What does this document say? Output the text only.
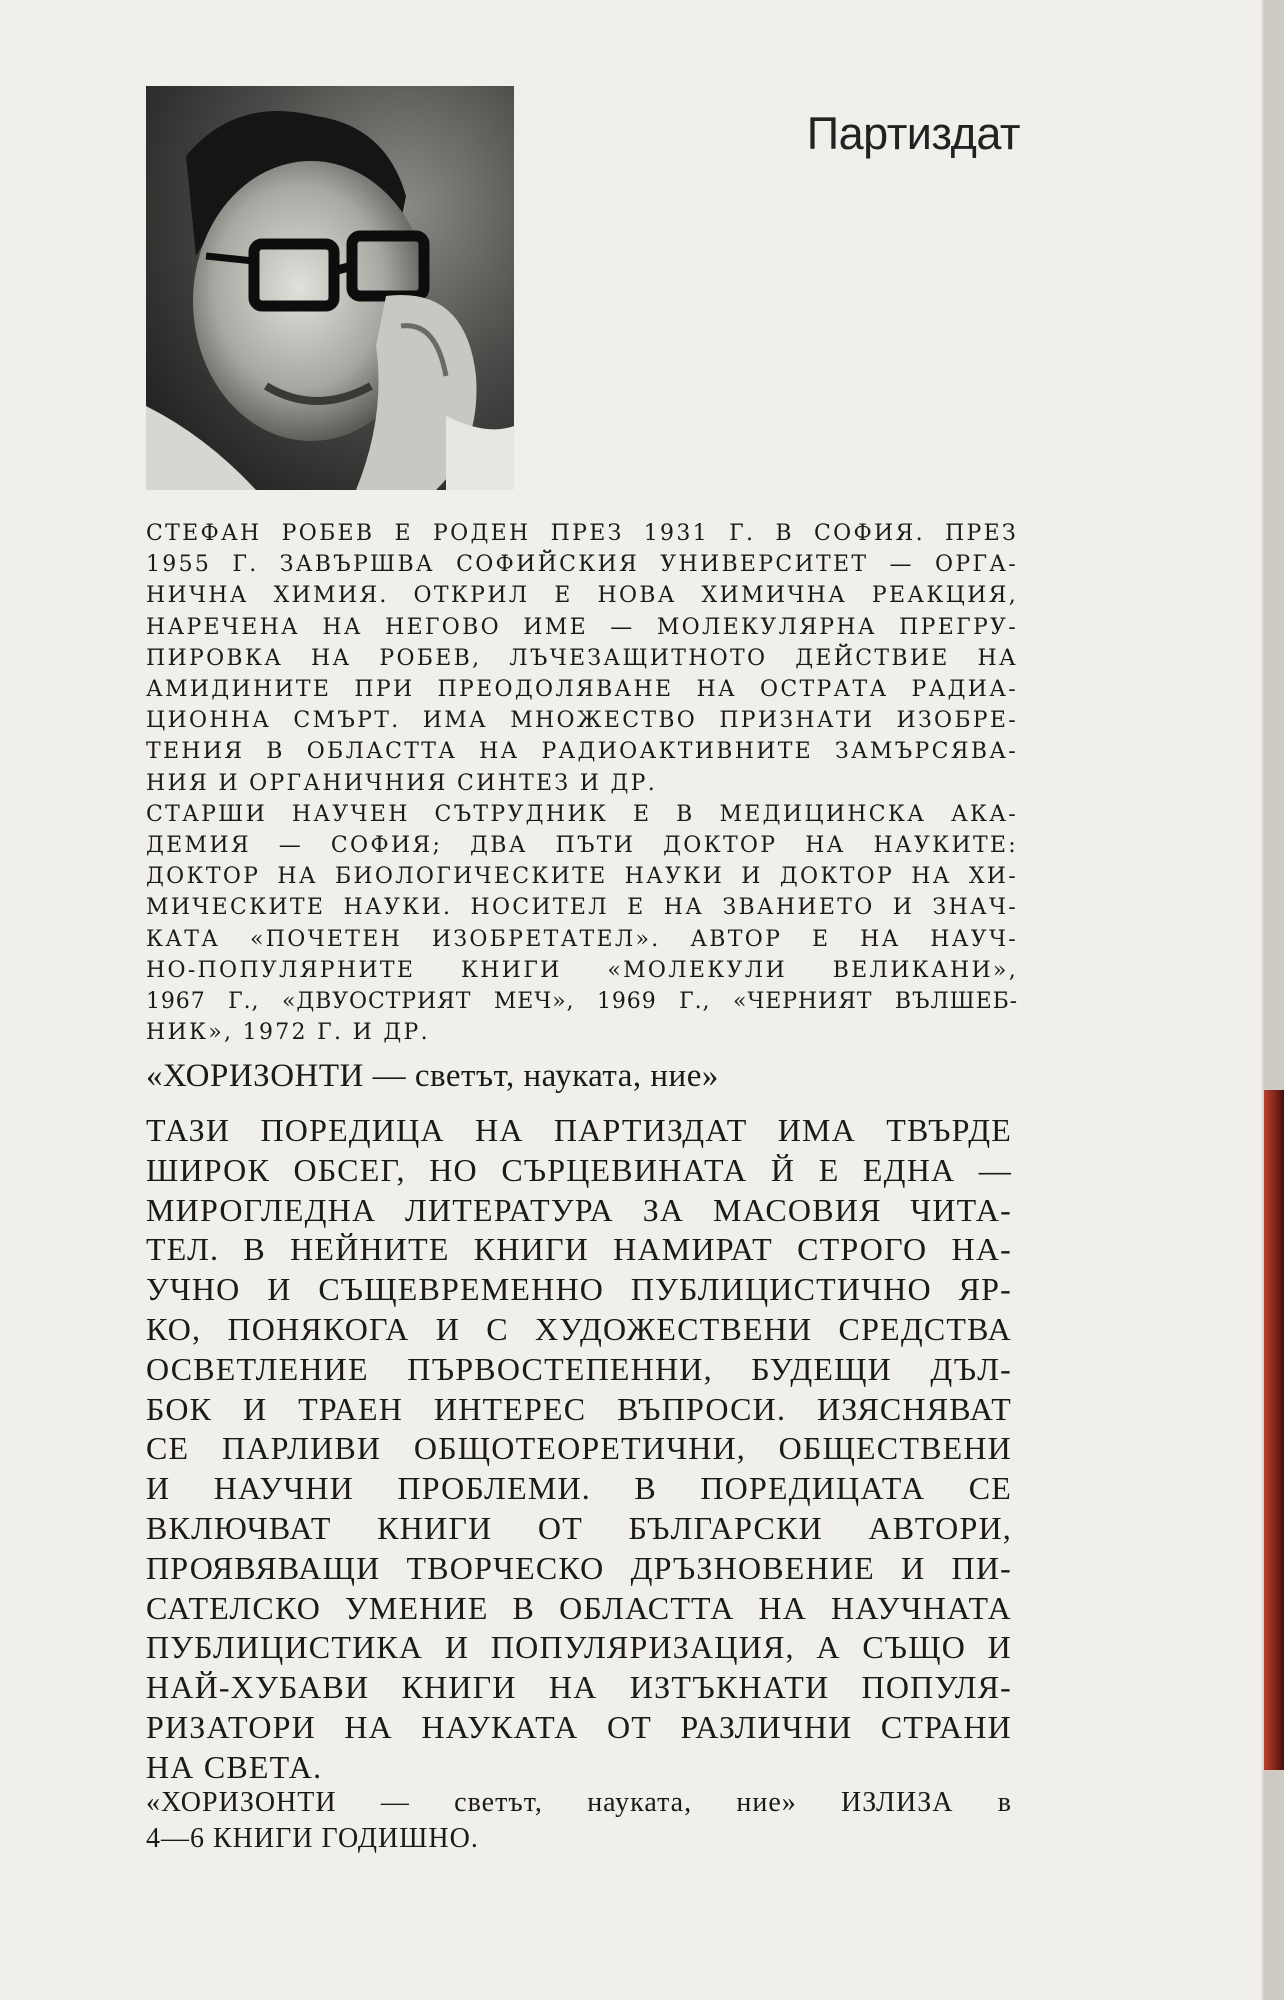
Партиздат
СТЕФАН РОБЕВ Е РОДЕН ПРЕЗ 1931 Г. В СОФИЯ. ПРЕЗ
1955 Г. ЗАВЪРШВА СОФИЙСКИЯ УНИВЕРСИТЕТ — ОРГА-
НИЧНА ХИМИЯ. ОТКРИЛ Е НОВА ХИМИЧНА РЕАКЦИЯ,
НАРЕЧЕНА НА НЕГОВО ИМЕ — МОЛЕКУЛЯРНА ПРЕГРУ-
ПИРОВКА НА РОБЕВ, ЛЪЧЕЗАЩИТНОТО ДЕЙСТВИЕ НА
АМИДИНИТЕ ПРИ ПРЕОДОЛЯВАНЕ НА ОСТРАТА РАДИА-
ЦИОННА СМЪРТ. ИМА МНОЖЕСТВО ПРИЗНАТИ ИЗОБРЕ-
ТЕНИЯ В ОБЛАСТТА НА РАДИОАКТИВНИТЕ ЗАМЪРСЯВА-
НИЯ И ОРГАНИЧНИЯ СИНТЕЗ И ДР.
СТАРШИ НАУЧЕН СЪТРУДНИК Е В МЕДИЦИНСКА АКА-
ДЕМИЯ — СОФИЯ; ДВА ПЪТИ ДОКТОР НА НАУКИТЕ:
ДОКТОР НА БИОЛОГИЧЕСКИТЕ НАУКИ И ДОКТОР НА ХИ-
МИЧЕСКИТЕ НАУКИ. НОСИТЕЛ Е НА ЗВАНИЕТО И ЗНАЧ-
КАТА «ПОЧЕТЕН ИЗОБРЕТАТЕЛ». АВТОР Е НА НАУЧ-
НО-ПОПУЛЯРНИТЕ КНИГИ «МОЛЕКУЛИ ВЕЛИКАНИ»,
1967 Г., «ДВУОСТРИЯТ МЕЧ», 1969 Г., «ЧЕРНИЯТ ВЪЛШЕБ-
НИК», 1972 Г. И ДР.
«ХОРИЗОНТИ — светът, науката, ние»
ТАЗИ ПОРЕДИЦА НА ПАРТИЗДАТ ИМА ТВЪРДЕ
ШИРОК ОБСЕГ, НО СЪРЦЕВИНАТА Й Е ЕДНА —
МИРОГЛЕДНА ЛИТЕРАТУРА ЗА МАСОВИЯ ЧИТА-
ТЕЛ. В НЕЙНИТЕ КНИГИ НАМИРАТ СТРОГО НА-
УЧНО И СЪЩЕВРЕМЕННО ПУБЛИЦИСТИЧНО ЯР-
КО, ПОНЯКОГА И С ХУДОЖЕСТВЕНИ СРЕДСТВА
ОСВЕТЛЕНИЕ ПЪРВОСТЕПЕННИ, БУДЕЩИ ДЪЛ-
БОК И ТРАЕН ИНТЕРЕС ВЪПРОСИ. ИЗЯСНЯВАТ
СЕ ПАРЛИВИ ОБЩОТЕОРЕТИЧНИ, ОБЩЕСТВЕНИ
И НАУЧНИ ПРОБЛЕМИ. В ПОРЕДИЦАТА СЕ
ВКЛЮЧВАТ КНИГИ ОТ БЪЛГАРСКИ АВТОРИ,
ПРОЯВЯВАЩИ ТВОРЧЕСКО ДРЪЗНОВЕНИЕ И ПИ-
САТЕЛСКО УМЕНИЕ В ОБЛАСТТА НА НАУЧНАТА
ПУБЛИЦИСТИКА И ПОПУЛЯРИЗАЦИЯ, А СЪЩО И
НАЙ-ХУБАВИ КНИГИ НА ИЗТЪКНАТИ ПОПУЛЯ-
РИЗАТОРИ НА НАУКАТА ОТ РАЗЛИЧНИ СТРАНИ
НА СВЕТА.
«ХОРИЗОНТИ — светът, науката, ние» ИЗЛИЗА в
4—6 КНИГИ ГОДИШНО.
